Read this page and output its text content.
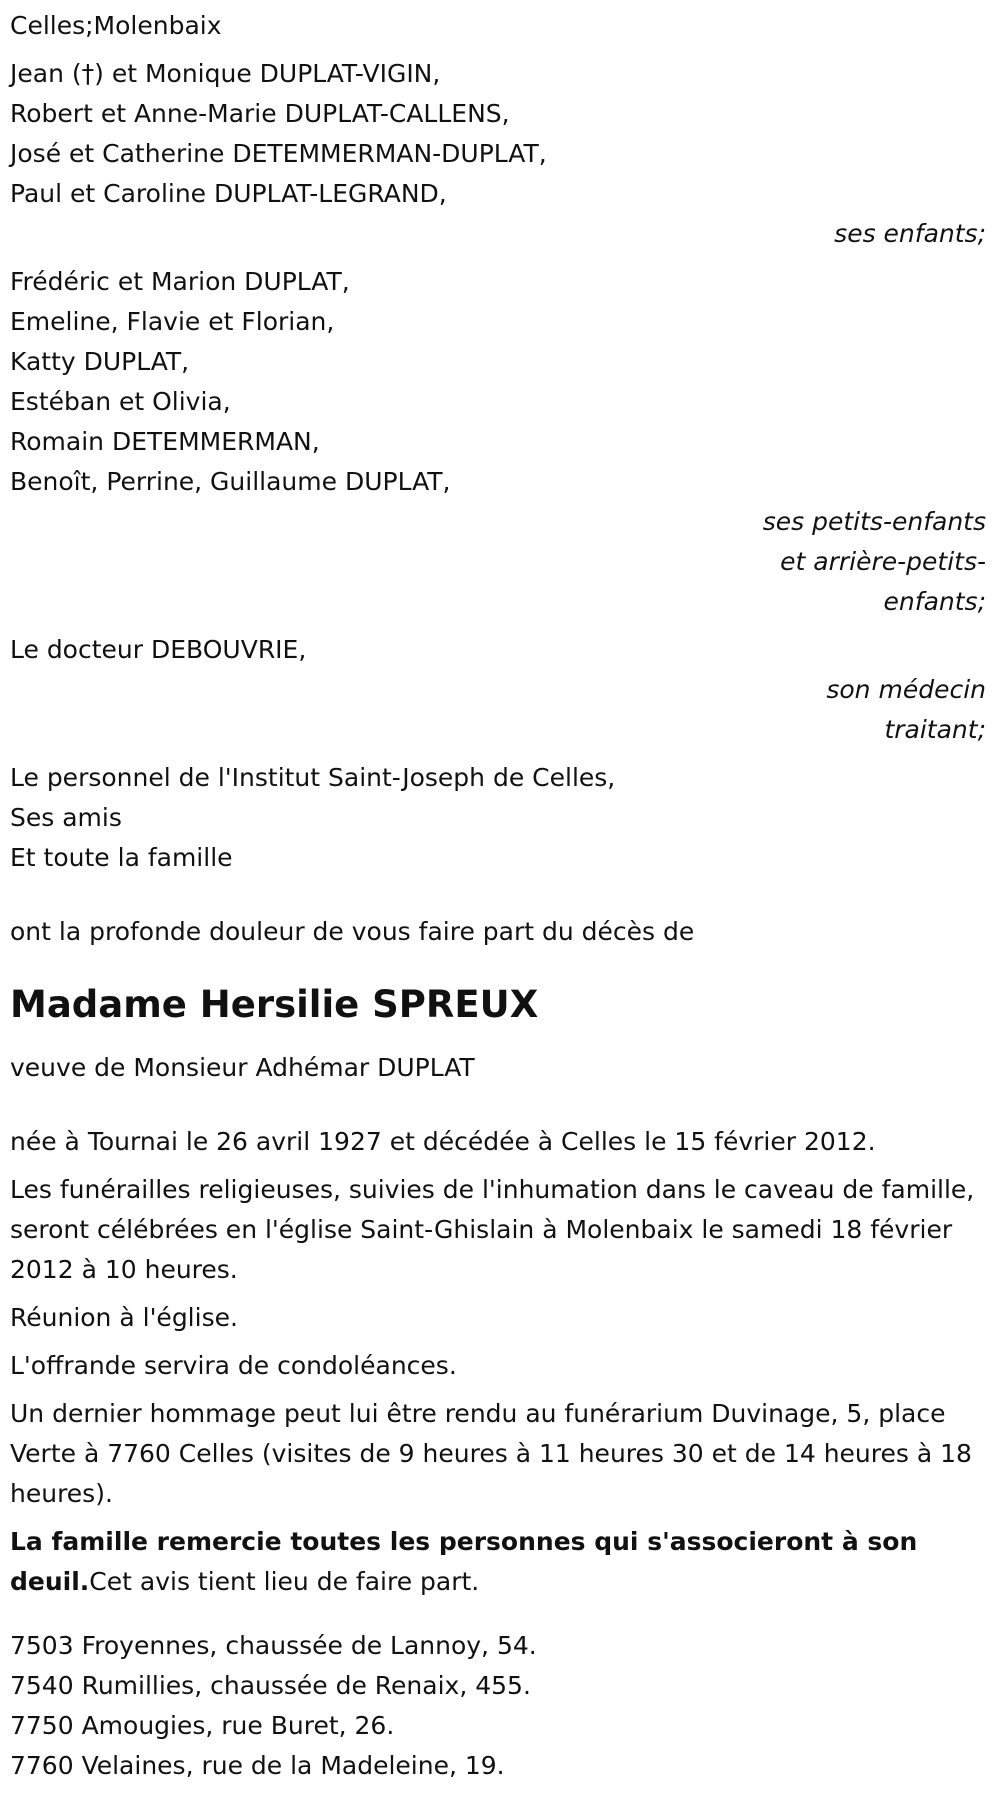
Celles;Molenbaix
Jean (†) et Monique DUPLAT-VIGIN,
Robert et Anne-Marie DUPLAT-CALLENS,
José et Catherine DETEMMERMAN-DUPLAT,
Paul et Caroline DUPLAT-LEGRAND,
ses enfants;
Frédéric et Marion DUPLAT,
Emeline, Flavie et Florian,
Katty DUPLAT,
Estéban et Olivia,
Romain DETEMMERMAN,
Benoît, Perrine, Guillaume DUPLAT,
ses petits-enfants
et arrière-petits-
enfants;
Le docteur DEBOUVRIE,
son médecin
traitant;
Le personnel de l'Institut Saint-Joseph de Celles,
Ses amis
Et toute la famille
ont la profonde douleur de vous faire part du décès de
Madame Hersilie SPREUX
veuve de Monsieur Adhémar DUPLAT
née à Tournai le 26 avril 1927 et décédée à Celles le 15 février 2012.
Les funérailles religieuses, suivies de l'inhumation dans le caveau de famille, seront célébrées en l'église Saint-Ghislain à Molenbaix le samedi 18 février 2012 à 10 heures.
Réunion à l'église.
L'offrande servira de condoléances.
Un dernier hommage peut lui être rendu au funérarium Duvinage, 5, place Verte à 7760 Celles (visites de 9 heures à 11 heures 30 et de 14 heures à 18 heures).
La famille remercie toutes les personnes qui s'associeront à son deuil.Cet avis tient lieu de faire part.
7503 Froyennes, chaussée de Lannoy, 54.
7540 Rumillies, chaussée de Renaix, 455.
7750 Amougies, rue Buret, 26.
7760 Velaines, rue de la Madeleine, 19.
